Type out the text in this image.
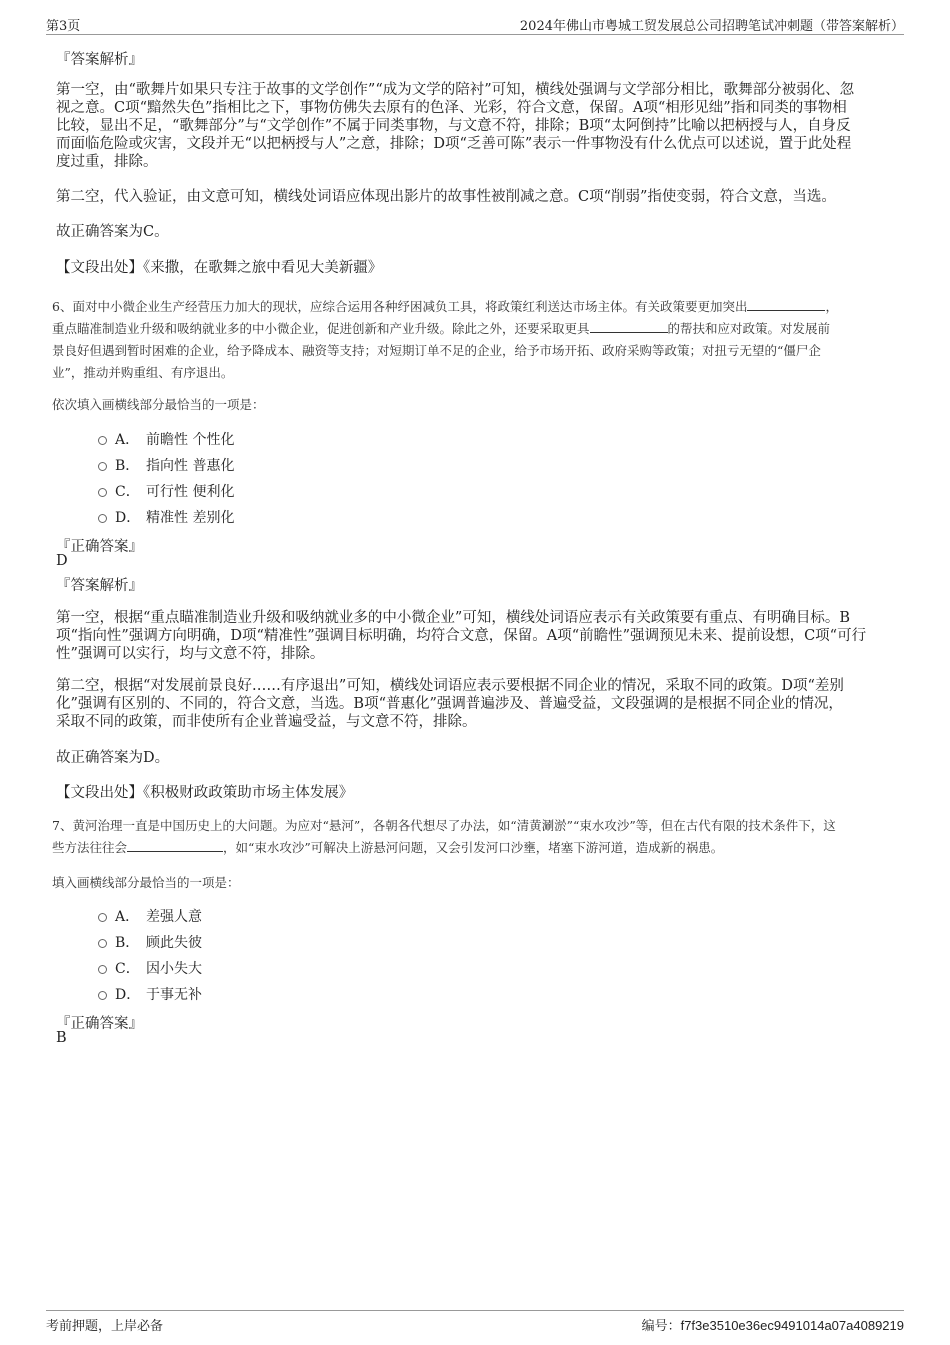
第3页	2024年佛山市粤城工贸发展总公司招聘笔试冲刺题（带答案解析）
『答案解析』
第一空，由“歌舞片如果只专注于故事的文学创作”“成为文学的陪衬”可知，横线处强调与文学部分相比，歌舞部分被弱化、忽
视之意。C项“黯然失色”指相比之下，事物仿佛失去原有的色泽、光彩，符合文意，保留。A项“相形见绌”指和同类的事物相
比较，显出不足，“歌舞部分”与“文学创作”不属于同类事物，与文意不符，排除；B项“太阿倒持”比喻以把柄授与人，自身反
而面临危险或灾害，文段并无“以把柄授与人”之意，排除；D项“乏善可陈”表示一件事物没有什么优点可以述说，置于此处程
度过重，排除。
第二空，代入验证，由文意可知，横线处词语应体现出影片的故事性被削减之意。C项“削弱”指使变弱，符合文意，当选。
故正确答案为C。
【文段出处】《来撒，在歌舞之旅中看见大美新疆》
6、面对中小微企业生产经营压力加大的现状，应综合运用各种纾困减负工具，将政策红利送达市场主体。有关政策要更加突出	，
重点瞄准制造业升级和吸纳就业多的中小微企业，促进创新和产业升级。除此之外，还要采取更具	的帮扶和应对政策。对发展前
景良好但遇到暂时困难的企业，给予降成本、融资等支持；对短期订单不足的企业，给予市场开拓、政府采购等政策；对扭亏无望的“僵尸企
业”，推动并购重组、有序退出。
依次填入画横线部分最恰当的一项是：
A． 前瞻性 个性化
B． 指向性 普惠化
C． 可行性 便利化
D． 精准性 差别化
『正确答案』
D
『答案解析』
第一空，根据“重点瞄准制造业升级和吸纳就业多的中小微企业”可知，横线处词语应表示有关政策要有重点、有明确目标。B
项“指向性”强调方向明确，D项“精准性”强调目标明确，均符合文意，保留。A项“前瞻性”强调预见未来、提前设想，C项“可行
性”强调可以实行，均与文意不符，排除。
第二空，根据“对发展前景良好……有序退出”可知，横线处词语应表示要根据不同企业的情况，采取不同的政策。D项“差别
化”强调有区别的、不同的，符合文意，当选。B项“普惠化”强调普遍涉及、普遍受益，文段强调的是根据不同企业的情况，
采取不同的政策，而非使所有企业普遍受益，与文意不符，排除。
故正确答案为D。
【文段出处】《积极财政政策助市场主体发展》
7、黄河治理一直是中国历史上的大问题。为应对“悬河”，各朝各代想尽了办法，如“清黄涮淤”“束水攻沙”等，但在古代有限的技术条件下，这
些方法往往会	，如“束水攻沙”可解决上游悬河问题，又会引发河口沙壅，堵塞下游河道，造成新的祸患。
填入画横线部分最恰当的一项是：
A． 差强人意
B． 顾此失彼
C． 因小失大
D． 于事无补
『正确答案』
B
考前押题，上岸必备	编号：f7f3e3510e36ec9491014a07a4089219
